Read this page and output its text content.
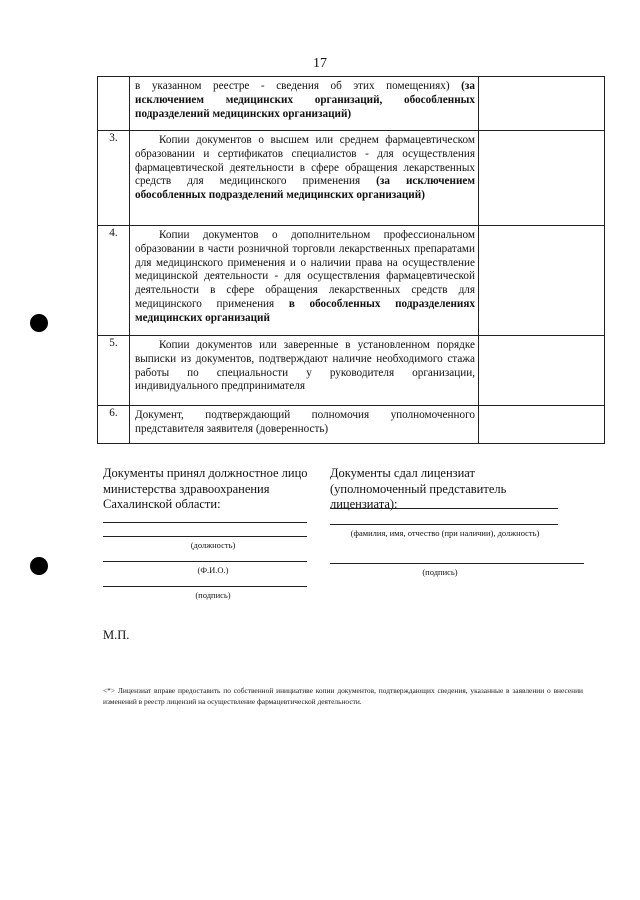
17
	в указанном реестре - сведения об этих помещениях) (за исключением медицинских организаций, обособленных подразделений медицинских организаций)	
3.	Копии документов о высшем или среднем фармацевтическом образовании и сертификатов специалистов - для осуществления фармацевтической деятельности в сфере обращения лекарственных средств для медицинского применения (за исключением обособленных подразделений медицинских организаций)	
4.	Копии документов о дополнительном профессиональном образовании в части розничной торговли лекарственных препаратами для медицинского применения и о наличии права на осуществление медицинской деятельности - для осуществления фармацевтической деятельности в сфере обращения лекарственных средств для медицинского применения в обособленных подразделениях медицинских организаций	
5.	Копии документов или заверенные в установленном порядке выписки из документов, подтверждают наличие необходимого стажа работы по специальности у руководителя организации, индивидуального предпринимателя	
6.	Документ, подтверждающий полномочия уполномоченного представителя заявителя (доверенность)	
Документы принял должностное лицо министерства здравоохранения Сахалинской области:
(должность)
(Ф.И.О.)
(подпись)
Документы сдал лицензиат (уполномоченный представитель лицензиата):
(фамилия, имя, отчество (при наличии), должность)
(подпись)
М.П.
<*> Лицензиат вправе предоставить по собственной инициативе копии документов, подтверждающих сведения, указанные в заявлении о внесении изменений в реестр лицензий на осуществление фармацевтической деятельности.
